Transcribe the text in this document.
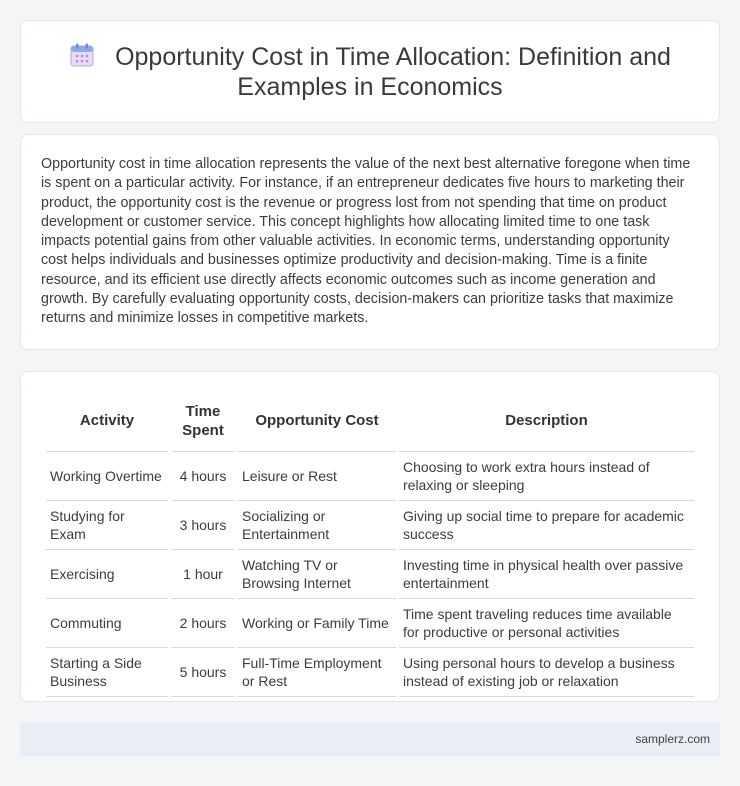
Opportunity Cost in Time Allocation: Definition and Examples in Economics

Opportunity cost in time allocation represents the value of the next best alternative foregone when time is spent on a particular activity. For instance, if an entrepreneur dedicates five hours to marketing their product, the opportunity cost is the revenue or progress lost from not spending that time on product development or customer service. This concept highlights how allocating limited time to one task impacts potential gains from other valuable activities. In economic terms, understanding opportunity cost helps individuals and businesses optimize productivity and decision-making. Time is a finite resource, and its efficient use directly affects economic outcomes such as income generation and growth. By carefully evaluating opportunity costs, decision-makers can prioritize tasks that maximize returns and minimize losses in competitive markets.

Activity	Time Spent	Opportunity Cost	Description
Working Overtime	4 hours	Leisure or Rest	Choosing to work extra hours instead of relaxing or sleeping
Studying for Exam	3 hours	Socializing or Entertainment	Giving up social time to prepare for academic success
Exercising	1 hour	Watching TV or Browsing Internet	Investing time in physical health over passive entertainment
Commuting	2 hours	Working or Family Time	Time spent traveling reduces time available for productive or personal activities
Starting a Side Business	5 hours	Full-Time Employment or Rest	Using personal hours to develop a business instead of existing job or relaxation
samplerz.com
